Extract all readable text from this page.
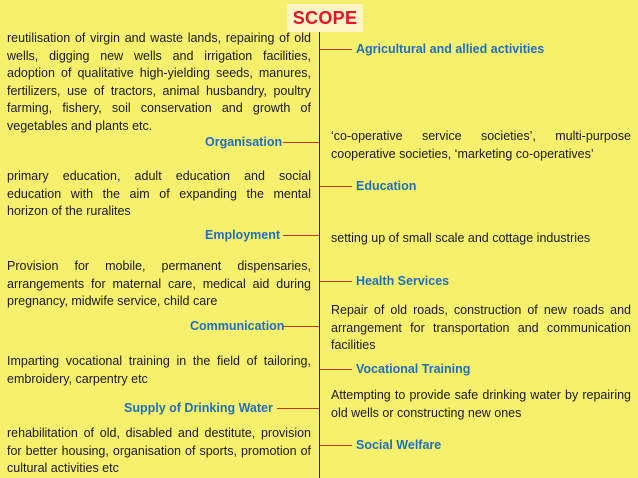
SCOPE
reutilisation of virgin and waste lands, repairing of old wells, digging new wells and irrigation facilities, adoption of qualitative high-yielding seeds, manures, fertilizers, use of tractors, animal husbandry, poultry farming, fishery, soil conservation and growth of vegetables and plants etc.
primary education, adult education and social education with the aim of expanding the mental horizon of the ruralites
Provision for mobile, permanent dispensaries, arrangements for maternal care, medical aid during pregnancy, midwife service, child care
Imparting vocational training in the field of tailoring, embroidery, carpentry etc
rehabilitation of old, disabled and destitute, provision for better housing, organisation of sports, promotion of cultural activities etc
Organisation
Employment
Communication
Supply of Drinking Water
Agricultural and allied activities
Education
Health Services
Vocational Training
Social Welfare
‘co-operative service societies’, multi-purpose cooperative societies, ‘marketing co-operatives’
setting up of small scale and cottage industries
Repair of old roads, construction of new roads and arrangement for transportation and communication facilities
Attempting to provide safe drinking water by repairing old wells or constructing new ones
